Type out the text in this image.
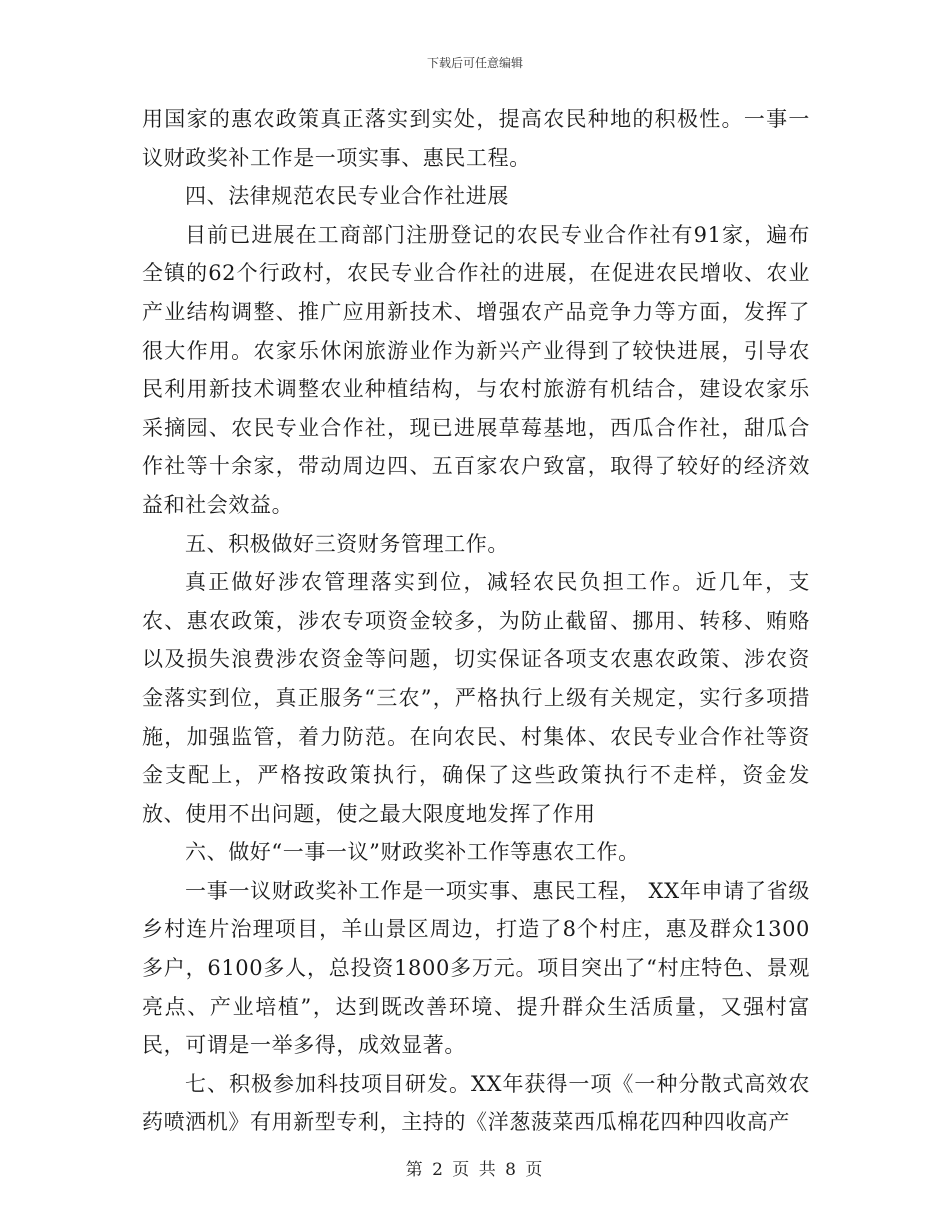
下载后可任意编辑

用国家的惠农政策真正落实到实处，提高农民种地的积极性。一事一议财政奖补工作是一项实事、惠民工程。

四、法律规范农民专业合作社进展

目前已进展在工商部门注册登记的农民专业合作社有91家，遍布全镇的62个行政村，农民专业合作社的进展，在促进农民增收、农业产业结构调整、推广应用新技术、增强农产品竞争力等方面，发挥了很大作用。农家乐休闲旅游业作为新兴产业得到了较快进展，引导农民利用新技术调整农业种植结构，与农村旅游有机结合，建设农家乐采摘园、农民专业合作社，现已进展草莓基地，西瓜合作社，甜瓜合作社等十余家，带动周边四、五百家农户致富，取得了较好的经济效益和社会效益。

五、积极做好三资财务管理工作。

真正做好涉农管理落实到位，减轻农民负担工作。近几年，支农、惠农政策，涉农专项资金较多，为防止截留、挪用、转移、贿赂以及损失浪费涉农资金等问题，切实保证各项支农惠农政策、涉农资金落实到位，真正服务“三农”，严格执行上级有关规定，实行多项措施，加强监管，着力防范。在向农民、村集体、农民专业合作社等资金支配上，严格按政策执行，确保了这些政策执行不走样，资金发放、使用不出问题，使之最大限度地发挥了作用

六、做好“一事一议”财政奖补工作等惠农工作。

一事一议财政奖补工作是一项实事、惠民工程， XX年申请了省级乡村连片治理项目，羊山景区周边，打造了8个村庄，惠及群众1300多户，6100多人，总投资1800多万元。项目突出了“村庄特色、景观亮点、产业培植”，达到既改善环境、提升群众生活质量，又强村富民，可谓是一举多得，成效显著。

七、积极参加科技项目研发。XX年获得一项《一种分散式高效农药喷洒机》有用新型专利，主持的《洋葱菠菜西瓜棉花四种四收高产

第 2 页 共 8 页
